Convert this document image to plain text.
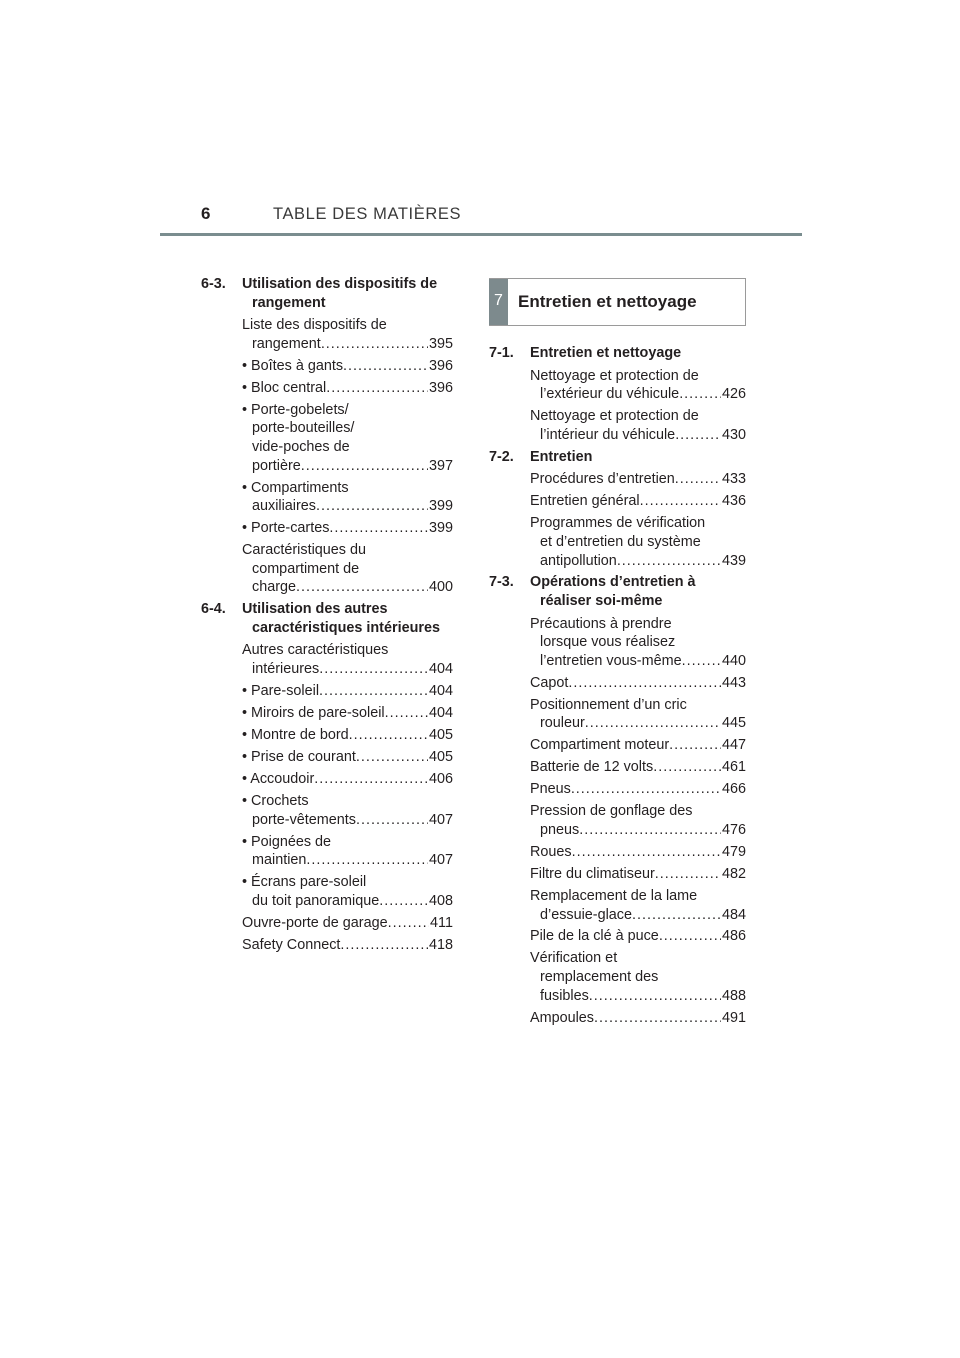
6	TABLE DES MATIÈRES
6-3. Utilisation des dispositifs de rangement
Liste des dispositifs de
rangement .....	395
• Boîtes à gants .....	396
• Bloc central .....	396
• Porte-gobelets/
porte-bouteilles/
vide-poches de
portière .....	397
• Compartiments
auxiliaires .....	399
• Porte-cartes .....	399
Caractéristiques du
compartiment de
charge .....	400
6-4. Utilisation des autres caractéristiques intérieures
Autres caractéristiques
intérieures .....	404
• Pare-soleil .....	404
• Miroirs de pare-soleil .....	404
• Montre de bord .....	405
• Prise de courant .....	405
• Accoudoir .....	406
• Crochets
porte-vêtements .....	407
• Poignées de
maintien .....	407
• Écrans pare-soleil
du toit panoramique .....	408
Ouvre-porte de garage .....	411
Safety Connect .....	418
7 Entretien et nettoyage
7-1. Entretien et nettoyage
Nettoyage et protection de
l’extérieur du véhicule .....	426
Nettoyage et protection de
l’intérieur du véhicule .....	430
7-2. Entretien
Procédures d’entretien .....	433
Entretien général .....	436
Programmes de vérification
et d’entretien du système
antipollution .....	439
7-3. Opérations d’entretien à réaliser soi-même
Précautions à prendre
lorsque vous réalisez
l’entretien vous-même .....	440
Capot .....	443
Positionnement d’un cric
rouleur .....	445
Compartiment moteur .....	447
Batterie de 12 volts .....	461
Pneus .....	466
Pression de gonflage des
pneus .....	476
Roues .....	479
Filtre du climatiseur .....	482
Remplacement de la lame
d’essuie-glace .....	484
Pile de la clé à puce .....	486
Vérification et
remplacement des
fusibles .....	488
Ampoules .....	491
